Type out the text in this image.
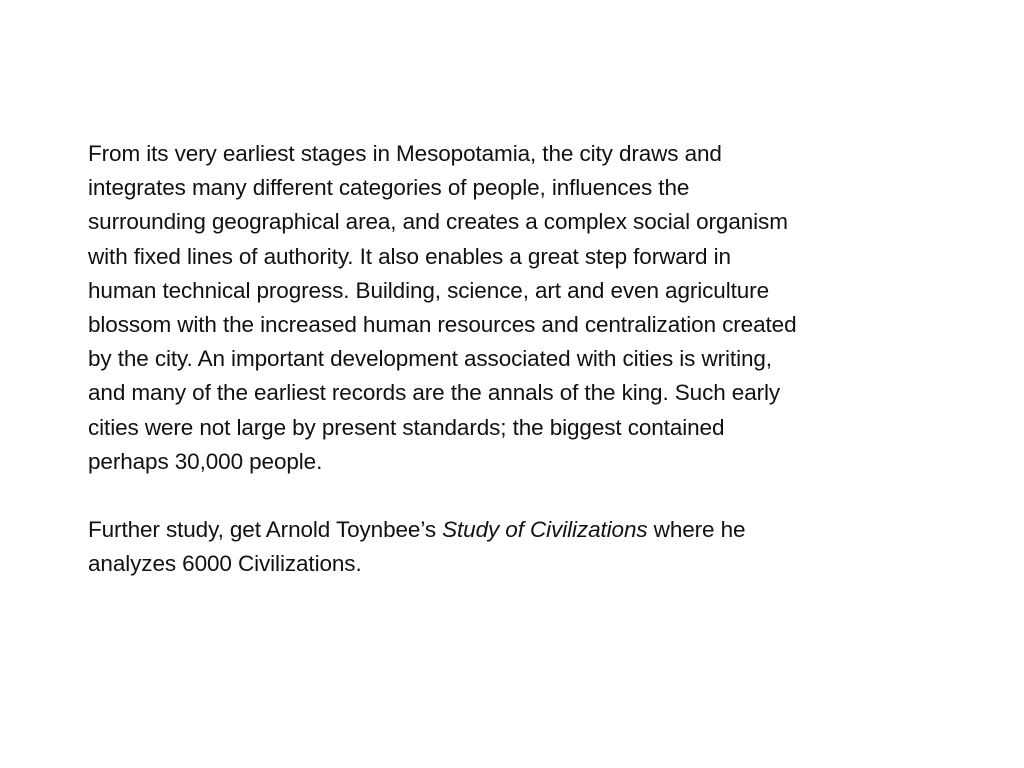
From its very earliest stages in Mesopotamia, the city draws and
integrates many different categories of people, influences the
surrounding geographical area, and creates a complex social organism
with fixed lines of authority. It also enables a great step forward in
human technical progress. Building, science, art and even agriculture
blossom with the increased human resources and centralization created
by the city. An important development associated with cities is writing,
and many of the earliest records are the annals of the king. Such early
cities were not large by present standards; the biggest contained
perhaps 30,000 people.

Further study, get Arnold Toynbee’s Study of Civilizations where he
analyzes 6000 Civilizations.
